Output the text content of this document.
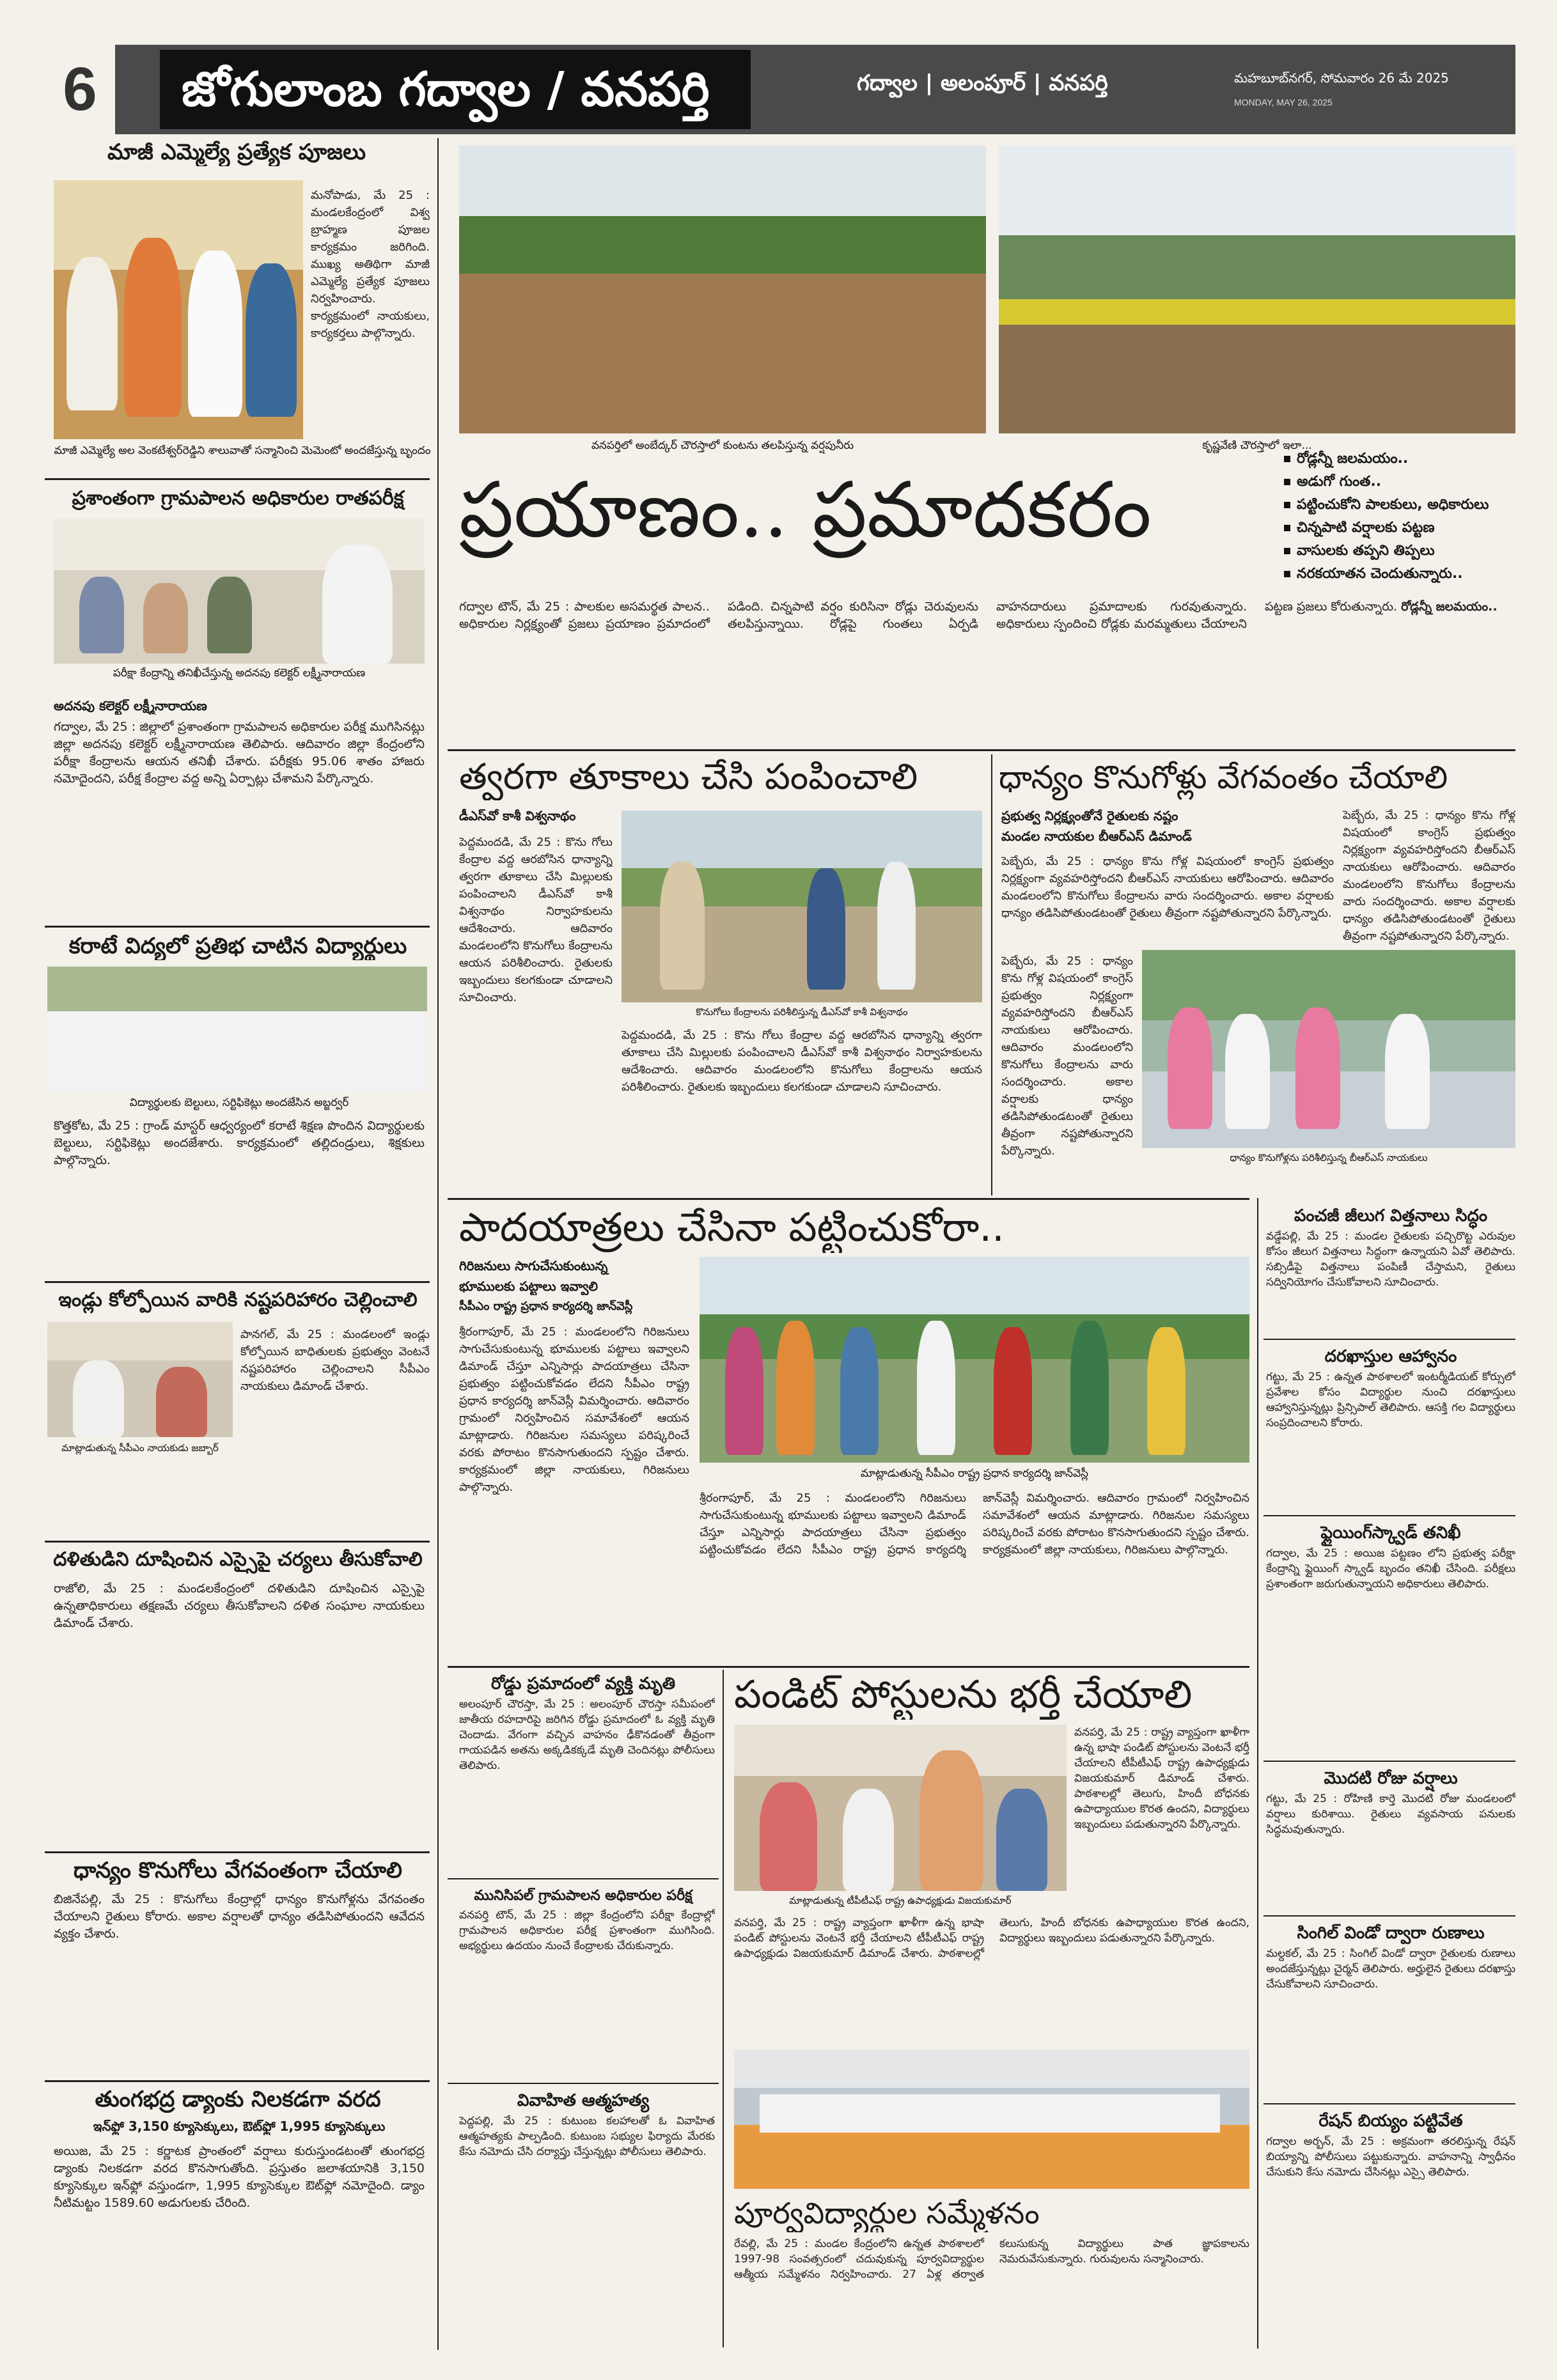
6	జోగులాంబ గద్వాల / వనపర్తి	గద్వాల | అలంపూర్ | వనపర్తి	మహబూబ్‌నగర్, సోమవారం 26 మే 2025
MONDAY, MAY 26, 2025
మాజీ ఎమ్మెల్యే ప్రత్యేక పూజలు
మనోపాడు, మే 25 : మండలకేంద్రంలో విశ్వ బ్రాహ్మణ పూజల కార్యక్రమం జరిగింది. ముఖ్య అతిథిగా మాజీ ఎమ్మెల్యే ప్రత్యేక పూజలు నిర్వహించారు. కార్యక్రమంలో నాయకులు, కార్యకర్తలు పాల్గొన్నారు.
మాజీ ఎమ్మెల్యే అల వెంకటేశ్వర్‌రెడ్డిని శాలువాతో సన్మానించి మెమెంటో అందజేస్తున్న బృందం
ప్రశాంతంగా గ్రామపాలన అధికారుల రాతపరీక్ష
పరీక్షా కేంద్రాన్ని తనిఖీచేస్తున్న అదనపు కలెక్టర్ లక్ష్మీనారాయణ
అదనపు కలెక్టర్ లక్ష్మీనారాయణ
గద్వాల, మే 25 : జిల్లాలో ప్రశాంతంగా గ్రామపాలన అధికారుల పరీక్ష ముగిసినట్లు జిల్లా అదనపు కలెక్టర్ లక్ష్మీనారాయణ తెలిపారు. ఆదివారం జిల్లా కేంద్రంలోని పరీక్షా కేంద్రాలను ఆయన తనిఖీ చేశారు. పరీక్షకు 95.06 శాతం హాజరు నమోదైందని, పరీక్ష కేంద్రాల వద్ద అన్ని ఏర్పాట్లు చేశామని పేర్కొన్నారు.
కరాటే విద్యలో ప్రతిభ చాటిన విద్యార్థులు
విద్యార్థులకు బెల్టులు, సర్టిఫికెట్లు అందజేసిన అబ్జర్వర్‌
కొత్తకోట, మే 25 : గ్రాండ్ మాస్టర్ ఆధ్వర్యంలో కరాటే శిక్షణ పొందిన విద్యార్థులకు బెల్టులు, సర్టిఫికెట్లు అందజేశారు. కార్యక్రమంలో తల్లిదండ్రులు, శిక్షకులు పాల్గొన్నారు.
ఇండ్లు కోల్పోయిన వారికి నష్టపరిహారం చెల్లించాలి
మాట్లాడుతున్న సీపీఎం నాయకుడు జబ్బార్
పానగల్, మే 25 : మండలంలో ఇండ్లు కోల్పోయిన బాధితులకు ప్రభుత్వం వెంటనే నష్టపరిహారం చెల్లించాలని సీపీఎం నాయకులు డిమాండ్ చేశారు.
దళితుడిని దూషించిన ఎస్సైపై చర్యలు తీసుకోవాలి
రాజోలి, మే 25 : మండలకేంద్రంలో దళితుడిని దూషించిన ఎస్సైపై ఉన్నతాధికారులు తక్షణమే చర్యలు తీసుకోవాలని దళిత సంఘాల నాయకులు డిమాండ్ చేశారు.
ధాన్యం కొనుగోలు వేగవంతంగా చేయాలి
బిజినేపల్లి, మే 25 : కొనుగోలు కేంద్రాల్లో ధాన్యం కొనుగోళ్లను వేగవంతం చేయాలని రైతులు కోరారు. అకాల వర్షాలతో ధాన్యం తడిసిపోతుందని ఆవేదన వ్యక్తం చేశారు.
తుంగభద్ర డ్యాంకు నిలకడగా వరద
ఇన్‌ఫ్లో 3,150 క్యూసెక్కులు, ఔట్‌ఫ్లో 1,995 క్యూసెక్కులు
అయిజ, మే 25 : కర్ణాటక ప్రాంతంలో వర్షాలు కురుస్తుండటంతో తుంగభద్ర డ్యాంకు నిలకడగా వరద కొనసాగుతోంది. ప్రస్తుతం జలాశయానికి 3,150 క్యూసెక్కుల ఇన్‌ఫ్లో వస్తుండగా, 1,995 క్యూసెక్కుల ఔట్‌ఫ్లో నమోదైంది. డ్యాం నీటిమట్టం 1589.60 అడుగులకు చేరింది.
వనపర్తిలో అంబేద్కర్ చౌరస్తాలో కుంటను తలపిస్తున్న వర్షపునీరు	కృష్ణవేణి చౌరస్తాలో ఇలా...
ప్రయాణం.. ప్రమాదకరం
రోడ్లన్నీ జలమయం..
అడుగో గుంత..
పట్టించుకోని పాలకులు, అధికారులు
చిన్నపాటి వర్షాలకు పట్టణ
వాసులకు తప్పని తిప్పలు
నరకయాతన చెందుతున్నారు..
గద్వాల టౌన్, మే 25 : పాలకుల అసమర్థత పాలన.. అధికారుల నిర్లక్ష్యంతో ప్రజలు ప్రయాణం ప్రమాదంలో పడింది. చిన్నపాటి వర్షం కురిసినా రోడ్లు చెరువులను తలపిస్తున్నాయి. రోడ్లపై గుంతలు ఏర్పడి వాహనదారులు ప్రమాదాలకు గురవుతున్నారు. అధికారులు స్పందించి రోడ్లకు మరమ్మతులు చేయాలని పట్టణ ప్రజలు కోరుతున్నారు. రోడ్లన్నీ జలమయం..
త్వరగా తూకాలు చేసి పంపించాలి
డీఎస్‌వో కాశీ విశ్వనాథం
కొనుగోలు కేంద్రాలను పరిశీలిస్తున్న డీఎస్‌వో కాశీ విశ్వనాథం
పెద్దమందడి, మే 25 : కొను గోలు కేంద్రాల వద్ద ఆరబోసిన ధాన్యాన్ని త్వరగా తూకాలు చేసి మిల్లులకు పంపించాలని డీఎస్‌వో కాశీ విశ్వనాథం నిర్వాహకులను ఆదేశించారు. ఆదివారం మండలంలోని కొనుగోలు కేంద్రాలను ఆయన పరిశీలించారు. రైతులకు ఇబ్బందులు కలగకుండా చూడాలని సూచించారు.
పెద్దమందడి, మే 25 : కొను గోలు కేంద్రాల వద్ద ఆరబోసిన ధాన్యాన్ని త్వరగా తూకాలు చేసి మిల్లులకు పంపించాలని డీఎస్‌వో కాశీ విశ్వనాథం నిర్వాహకులను ఆదేశించారు. ఆదివారం మండలంలోని కొనుగోలు కేంద్రాలను ఆయన పరిశీలించారు. రైతులకు ఇబ్బందులు కలగకుండా చూడాలని సూచించారు.
ధాన్యం కొనుగోళ్లు వేగవంతం చేయాలి
ప్రభుత్వ నిర్లక్ష్యంతోనే రైతులకు నష్టం
మండల నాయకుల బీఆర్‌ఎస్ డిమాండ్
పెబ్బేరు, మే 25 : ధాన్యం కొను గోళ్ల విషయంలో కాంగ్రెస్ ప్రభుత్వం నిర్లక్ష్యంగా వ్యవహరిస్తోందని బీఆర్‌ఎస్ నాయకులు ఆరోపించారు. ఆదివారం మండలంలోని కొనుగోలు కేంద్రాలను వారు సందర్శించారు. అకాల వర్షాలకు ధాన్యం తడిసిపోతుండటంతో రైతులు తీవ్రంగా నష్టపోతున్నారని పేర్కొన్నారు.
ధాన్యం కొనుగోళ్లను పరిశీలిస్తున్న బీఆర్‌ఎస్ నాయకులు
పెబ్బేరు, మే 25 : ధాన్యం కొను గోళ్ల విషయంలో కాంగ్రెస్ ప్రభుత్వం నిర్లక్ష్యంగా వ్యవహరిస్తోందని బీఆర్‌ఎస్ నాయకులు ఆరోపించారు. ఆదివారం మండలంలోని కొనుగోలు కేంద్రాలను వారు సందర్శించారు. అకాల వర్షాలకు ధాన్యం తడిసిపోతుండటంతో రైతులు తీవ్రంగా నష్టపోతున్నారని పేర్కొన్నారు.
పెబ్బేరు, మే 25 : ధాన్యం కొను గోళ్ల విషయంలో కాంగ్రెస్ ప్రభుత్వం నిర్లక్ష్యంగా వ్యవహరిస్తోందని బీఆర్‌ఎస్ నాయకులు ఆరోపించారు. ఆదివారం మండలంలోని కొనుగోలు కేంద్రాలను వారు సందర్శించారు. అకాల వర్షాలకు ధాన్యం తడిసిపోతుండటంతో రైతులు తీవ్రంగా నష్టపోతున్నారని పేర్కొన్నారు.
పాదయాత్రలు చేసినా పట్టించుకోరా..
గిరిజనులు సాగుచేసుకుంటున్న
భూములకు పట్టాలు ఇవ్వాలి
సీపీఎం రాష్ట్ర ప్రధాన కార్యదర్శి జాన్‌వెస్లీ
శ్రీరంగాపూర్, మే 25 : మండలంలోని గిరిజనులు సాగుచేసుకుంటున్న భూములకు పట్టాలు ఇవ్వాలని డిమాండ్ చేస్తూ ఎన్నిసార్లు పాదయాత్రలు చేసినా ప్రభుత్వం పట్టించుకోవడం లేదని సీపీఎం రాష్ట్ర ప్రధాన కార్యదర్శి జాన్‌వెస్లీ విమర్శించారు. ఆదివారం గ్రామంలో నిర్వహించిన సమావేశంలో ఆయన మాట్లాడారు. గిరిజనుల సమస్యలు పరిష్కరించే వరకు పోరాటం కొనసాగుతుందని స్పష్టం చేశారు. కార్యక్రమంలో జిల్లా నాయకులు, గిరిజనులు పాల్గొన్నారు.
మాట్లాడుతున్న సీపీఎం రాష్ట్ర ప్రధాన కార్యదర్శి జాన్‌వెస్లీ
శ్రీరంగాపూర్, మే 25 : మండలంలోని గిరిజనులు సాగుచేసుకుంటున్న భూములకు పట్టాలు ఇవ్వాలని డిమాండ్ చేస్తూ ఎన్నిసార్లు పాదయాత్రలు చేసినా ప్రభుత్వం పట్టించుకోవడం లేదని సీపీఎం రాష్ట్ర ప్రధాన కార్యదర్శి జాన్‌వెస్లీ విమర్శించారు. ఆదివారం గ్రామంలో నిర్వహించిన సమావేశంలో ఆయన మాట్లాడారు. గిరిజనుల సమస్యలు పరిష్కరించే వరకు పోరాటం కొనసాగుతుందని స్పష్టం చేశారు. కార్యక్రమంలో జిల్లా నాయకులు, గిరిజనులు పాల్గొన్నారు.
పంచజీ జీలుగ విత్తనాలు సిద్ధం
వడ్డేపల్లి, మే 25 : మండల రైతులకు పచ్చిరొట్ట ఎరువుల కోసం జీలుగ విత్తనాలు సిద్ధంగా ఉన్నాయని ఏవో తెలిపారు. సబ్సిడీపై విత్తనాలు పంపిణీ చేస్తామని, రైతులు సద్వినియోగం చేసుకోవాలని సూచించారు.
దరఖాస్తుల ఆహ్వానం
గట్టు, మే 25 : ఉన్నత పాఠశాలలో ఇంటర్మీడియట్ కోర్సులో ప్రవేశాల కోసం విద్యార్థుల నుంచి దరఖాస్తులు ఆహ్వానిస్తున్నట్లు ప్రిన్సిపాల్ తెలిపారు. ఆసక్తి గల విద్యార్థులు సంప్రదించాలని కోరారు.
ఫ్లైయింగ్‌స్క్వాడ్ తనిఖీ
గద్వాల, మే 25 : అయిజ పట్టణం లోని ప్రభుత్వ పరీక్షా కేంద్రాన్ని ఫ్లైయింగ్ స్క్వాడ్ బృందం తనిఖీ చేసింది. పరీక్షలు ప్రశాంతంగా జరుగుతున్నాయని అధికారులు తెలిపారు.
మొదటి రోజు వర్షాలు
గట్టు, మే 25 : రోహిణి కార్తె మొదటి రోజు మండలంలో వర్షాలు కురిశాయి. రైతులు వ్యవసాయ పనులకు సిద్ధమవుతున్నారు.
సింగిల్ విండో ద్వారా రుణాలు
మల్దకల్, మే 25 : సింగిల్ విండో ద్వారా రైతులకు రుణాలు అందజేస్తున్నట్లు చైర్మన్ తెలిపారు. అర్హులైన రైతులు దరఖాస్తు చేసుకోవాలని సూచించారు.
రేషన్ బియ్యం పట్టివేత
గద్వాల అర్బన్, మే 25 : అక్రమంగా తరలిస్తున్న రేషన్ బియ్యాన్ని పోలీసులు పట్టుకున్నారు. వాహనాన్ని స్వాధీనం చేసుకుని కేసు నమోదు చేసినట్లు ఎస్సై తెలిపారు.
రోడ్డు ప్రమాదంలో వ్యక్తి మృతి
అలంపూర్ చౌరస్తా, మే 25 : అలంపూర్ చౌరస్తా సమీపంలో జాతీయ రహదారిపై జరిగిన రోడ్డు ప్రమాదంలో ఓ వ్యక్తి మృతి చెందాడు. వేగంగా వచ్చిన వాహనం ఢీకొనడంతో తీవ్రంగా గాయపడిన అతను అక్కడికక్కడే మృతి చెందినట్లు పోలీసులు తెలిపారు.
మునిసిపల్ గ్రామపాలన అధికారుల పరీక్ష
వనపర్తి టౌన్, మే 25 : జిల్లా కేంద్రంలోని పరీక్షా కేంద్రాల్లో గ్రామపాలన అధికారుల పరీక్ష ప్రశాంతంగా ముగిసింది. అభ్యర్థులు ఉదయం నుంచే కేంద్రాలకు చేరుకున్నారు.
వివాహిత ఆత్మహత్య
పెద్దపల్లి, మే 25 : కుటుంబ కలహాలతో ఓ వివాహిత ఆత్మహత్యకు పాల్పడింది. కుటుంబ సభ్యుల ఫిర్యాదు మేరకు కేసు నమోదు చేసి దర్యాప్తు చేస్తున్నట్లు పోలీసులు తెలిపారు.
పండిట్ పోస్టులను భర్తీ చేయాలి
మాట్లాడుతున్న టీపీటీఎఫ్ రాష్ట్ర ఉపాధ్యక్షుడు విజయకుమార్
వనపర్తి, మే 25 : రాష్ట్ర వ్యాప్తంగా ఖాళీగా ఉన్న భాషా పండిట్ పోస్టులను వెంటనే భర్తీ చేయాలని టీపీటీఎఫ్ రాష్ట్ర ఉపాధ్యక్షుడు విజయకుమార్ డిమాండ్ చేశారు. పాఠశాలల్లో తెలుగు, హిందీ బోధనకు ఉపాధ్యాయుల కొరత ఉందని, విద్యార్థులు ఇబ్బందులు పడుతున్నారని పేర్కొన్నారు.
వనపర్తి, మే 25 : రాష్ట్ర వ్యాప్తంగా ఖాళీగా ఉన్న భాషా పండిట్ పోస్టులను వెంటనే భర్తీ చేయాలని టీపీటీఎఫ్ రాష్ట్ర ఉపాధ్యక్షుడు విజయకుమార్ డిమాండ్ చేశారు. పాఠశాలల్లో తెలుగు, హిందీ బోధనకు ఉపాధ్యాయుల కొరత ఉందని, విద్యార్థులు ఇబ్బందులు పడుతున్నారని పేర్కొన్నారు.
పూర్వవిద్యార్థుల సమ్మేళనం
రేవల్లి, మే 25 : మండల కేంద్రంలోని ఉన్నత పాఠశాలలో 1997-98 సంవత్సరంలో చదువుకున్న పూర్వవిద్యార్థుల ఆత్మీయ సమ్మేళనం నిర్వహించారు. 27 ఏళ్ల తర్వాత కలుసుకున్న విద్యార్థులు పాత జ్ఞాపకాలను నెమరువేసుకున్నారు. గురువులను సన్మానించారు.
